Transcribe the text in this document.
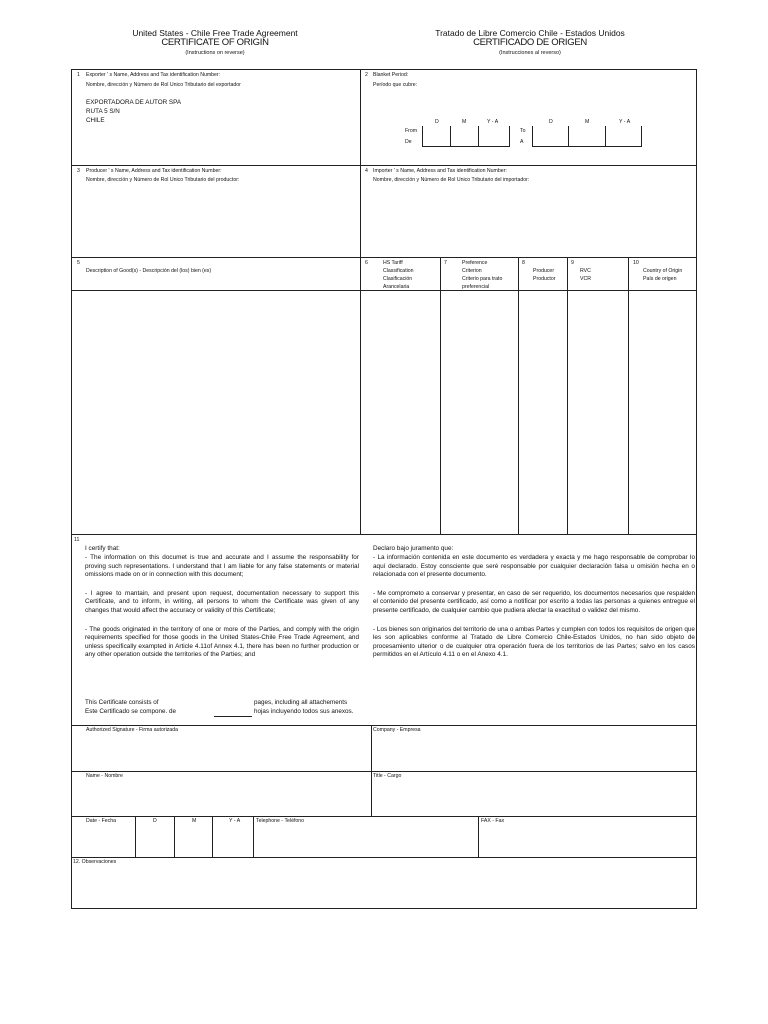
United States - Chile Free Trade Agreement
CERTIFICATE OF ORIGIN
(Instructions on reverse)
Tratado de Libre Comercio Chile - Estados Unidos
CERTIFICADO DE ORIGEN
(Instrucciones al reverso)
1 Exporter ' s Name, Address and Tax identification Number:
Nombre, dirección y Número de Rol Unico Tributario del exportador
EXPORTADORA DE AUTOR SPA
RUTA 5 S/N
CHILE
2 Blanket Period:
Período que cubre:
D	M	Y - A	D	M	Y - A
From
De
To
A
3 Producer ' s Name, Address and Tax identification Number:
Nombre, dirección y Número de Rol Unico Tributario del productor:
4 Importer ' s Name, Address and Tax identification Number:
Nombre, dirección y Número de Rol Unico Tributario del importador:
5
Description of Good(s) - Descripción del (los) bien (es)
6	HS Tariff
Classification
Clasificación
Arancelaria
7	Preference
Criterion
Criterio para trato
preferencial
8
Producer
Productor
9
RVC
VCR
10
Country of Origin
País de origen
11

I certify that:

- The information on this documet is true and accurate and I assume the responsability for proving such representations. I understand that I am liable for any false statements or material omissions made on or in connection with this document;

- I agree to mantain, and present upon request, documentation necessary to support this Certificate, and to inform, in writing, all persons to whom the Certificate was given of any changes that would affect the accuracy or validity of this Certificate;

- The goods originated in the territory of one or more of the Parties, and comply with the origin requirements specified for those goods in the United States-Chile Free Trade Agreement, and unless specifically exampted in Article 4.11of Annex 4.1, there has been no further production or any other operation outside the territories of the Parties; and

Declaro bajo juramento que:

- La información contenida en este documento es verdadera y exacta y me hago responsable de comprobar lo aquí declarado. Estoy consciente que seré responsable por cualquier declaración falsa u omisión hecha en o relacionada con el presente documento.

- Me comprometo a conservar y presentar, en caso de ser requerido, los documentos necesarios que respalden el contenido del presente certificado, así como a notificar por escrito a todas las personas a quienes entregue el presente certificado, de cualquier cambio que pudiera afectar la exactitud o validez del mismo.

- Los bienes son originarios del territorio de una o ambas Partes y cumplen con todos los requisitos de origen que les son aplicables conforme al Tratado de Libre Comercio Chile-Estados Unidos, no han sido objeto de procesamiento ulterior o de cualquier otra operación fuera de los territorios de las Partes; salvo en los casos permitidos en el Artículo 4.11 o en el Anexo 4.1.

This Certificate consists of	pages, including all attachements
Este Certificado se compone. de	hojas incluyendo todos sus anexos.
Authorized Signature - Firma autorizada	Company - Empresa
Name - Nombre	Title - Cargo
Date - Fecha	D	M	Y - A	Telephone - Teléfono	FAX - Fax
12. Observaciones
